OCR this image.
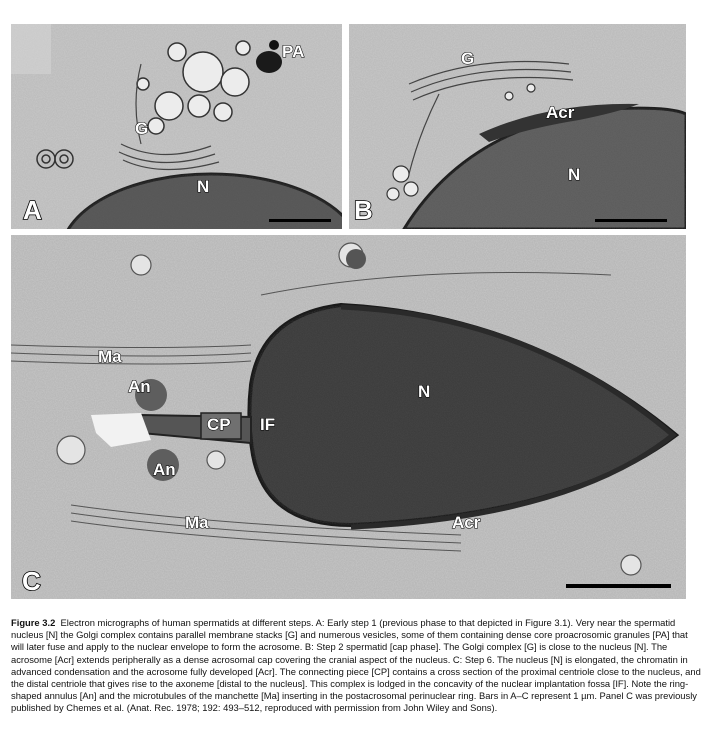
PA
G
N
A
G
Acr
N
B
Ma
An
CP IF
N
An
Ma	Acr
C
Figure 3.2 Electron micrographs of human spermatids at different steps. A: Early step 1 (previous phase to that depicted in Figure 3.1). Very near the spermatid nucleus [N] the Golgi complex contains parallel membrane stacks [G] and numerous vesicles, some of them containing dense core proacrosomic granules [PA] that will later fuse and apply to the nuclear envelope to form the acrosome. B: Step 2 spermatid [cap phase]. The Golgi complex [G] is close to the nucleus [N]. The acrosome [Acr] extends peripherally as a dense acrosomal cap covering the cranial aspect of the nucleus. C: Step 6. The nucleus [N] is elongated, the chromatin in advanced condensation and the acrosome fully developed [Acr]. The connecting piece [CP] contains a cross section of the proximal centriole close to the nucleus, and the distal centriole that gives rise to the axoneme [distal to the nucleus]. This complex is lodged in the concavity of the nuclear implantation fossa [IF]. Note the ring-shaped annulus [An] and the microtubules of the manchette [Ma] inserting in the postacrosomal perinuclear ring. Bars in A–C represent 1 µm. Panel C was previously published by Chemes et al. (Anat. Rec. 1978; 192: 493–512, reproduced with permission from John Wiley and Sons).
